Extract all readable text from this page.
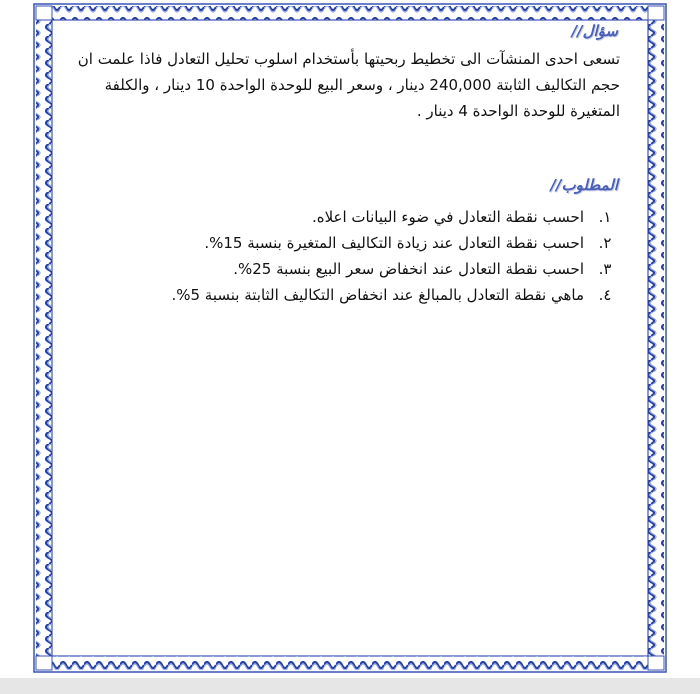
سؤال//
تسعى احدى المنشآت الى تخطيط ربحيتها بأستخدام اسلوب تحليل التعادل فاذا علمت ان حجم التكاليف الثابتة 240,000 دينار ، وسعر البيع للوحدة الواحدة 10 دينار ، والكلفة المتغيرة للوحدة الواحدة 4 دينار .
المطلوب//
١.
احسب نقطة التعادل في ضوء البيانات اعلاه.
٢.
احسب نقطة التعادل عند زيادة التكاليف المتغيرة بنسبة 15%.
٣.
احسب نقطة التعادل عند انخفاض سعر البيع بنسبة 25%.
٤.
ماهي نقطة التعادل بالمبالغ عند انخفاض التكاليف الثابتة بنسبة 5%.
